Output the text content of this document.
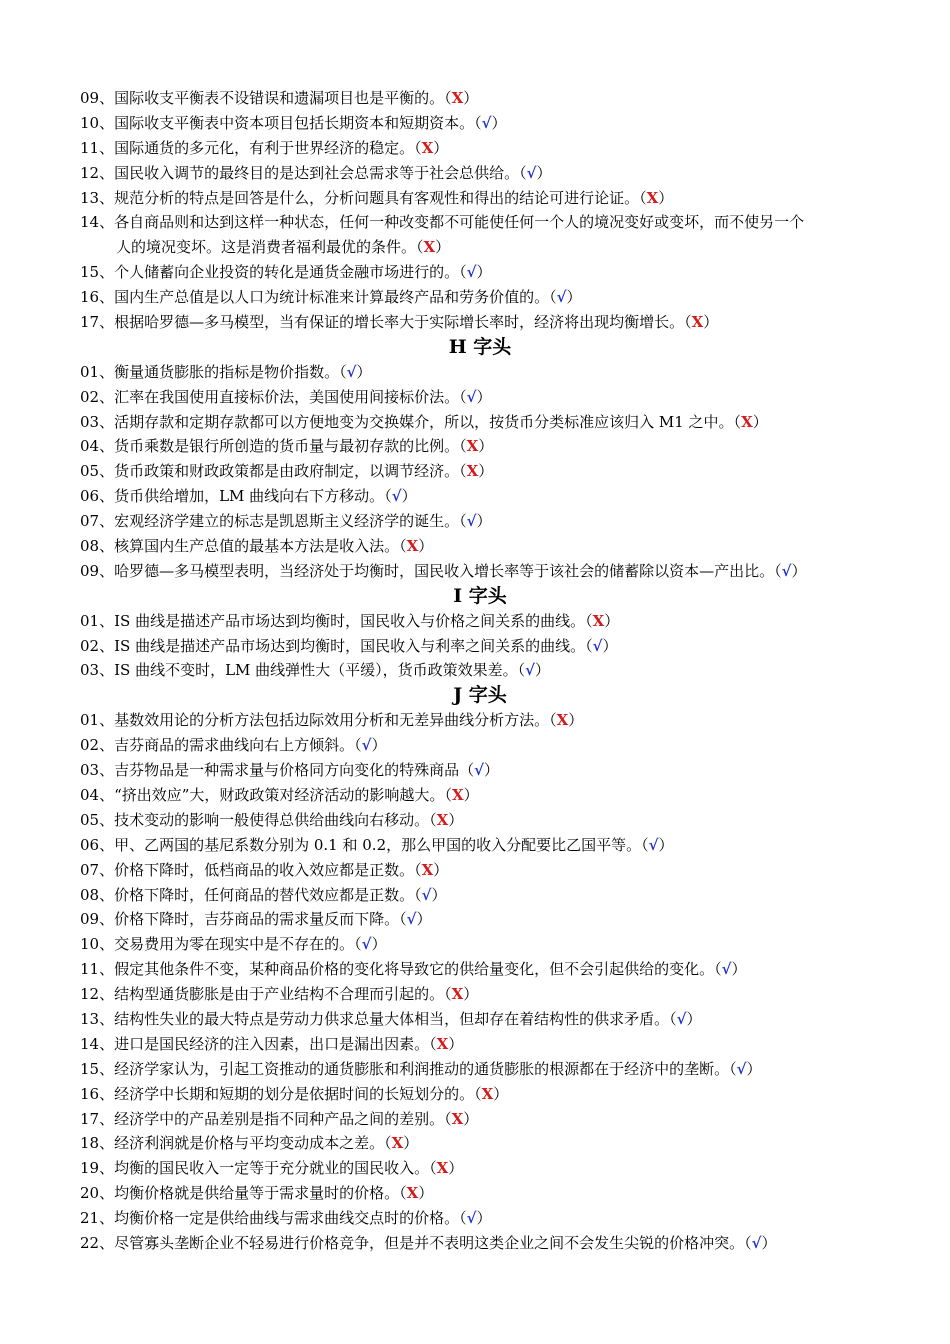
09、国际收支平衡表不设错误和遗漏项目也是平衡的。（X）
10、国际收支平衡表中资本项目包括长期资本和短期资本。（√）
11、国际通货的多元化，有利于世界经济的稳定。（X）
12、国民收入调节的最终目的是达到社会总需求等于社会总供给。（√）
13、规范分析的特点是回答是什么，分析问题具有客观性和得出的结论可进行论证。（X）
14、各自商品则和达到这样一种状态，任何一种改变都不可能使任何一个人的境况变好或变坏，而不使另一个
人的境况变坏。这是消费者福利最优的条件。（X）
15、个人储蓄向企业投资的转化是通货金融市场进行的。（√）
16、国内生产总值是以人口为统计标准来计算最终产品和劳务价值的。（√）
17、根据哈罗德—多马模型，当有保证的增长率大于实际增长率时，经济将出现均衡增长。（X）
H 字头
01、衡量通货膨胀的指标是物价指数。（√）
02、汇率在我国使用直接标价法，美国使用间接标价法。（√）
03、活期存款和定期存款都可以方便地变为交换媒介，所以，按货币分类标准应该归入 M1 之中。（X）
04、货币乘数是银行所创造的货币量与最初存款的比例。（X）
05、货币政策和财政政策都是由政府制定，以调节经济。（X）
06、货币供给增加，LM 曲线向右下方移动。（√）
07、宏观经济学建立的标志是凯恩斯主义经济学的诞生。（√）
08、核算国内生产总值的最基本方法是收入法。（X）
09、哈罗德—多马模型表明，当经济处于均衡时，国民收入增长率等于该社会的储蓄除以资本—产出比。（√）
I 字头
01、IS 曲线是描述产品市场达到均衡时，国民收入与价格之间关系的曲线。（X）
02、IS 曲线是描述产品市场达到均衡时，国民收入与利率之间关系的曲线。（√）
03、IS 曲线不变时，LM 曲线弹性大（平缓），货币政策效果差。（√）
J 字头
01、基数效用论的分析方法包括边际效用分析和无差异曲线分析方法。（X）
02、吉芬商品的需求曲线向右上方倾斜。（√）
03、吉芬物品是一种需求量与价格同方向变化的特殊商品（√）
04、“挤出效应”大，财政政策对经济活动的影响越大。（X）
05、技术变动的影响一般使得总供给曲线向右移动。（X）
06、甲、乙两国的基尼系数分别为 0.1 和 0.2，那么甲国的收入分配要比乙国平等。（√）
07、价格下降时，低档商品的收入效应都是正数。（X）
08、价格下降时，任何商品的替代效应都是正数。（√）
09、价格下降时，吉芬商品的需求量反而下降。（√）
10、交易费用为零在现实中是不存在的。（√）
11、假定其他条件不变，某种商品价格的变化将导致它的供给量变化，但不会引起供给的变化。（√）
12、结构型通货膨胀是由于产业结构不合理而引起的。（X）
13、结构性失业的最大特点是劳动力供求总量大体相当，但却存在着结构性的供求矛盾。（√）
14、进口是国民经济的注入因素，出口是漏出因素。（X）
15、经济学家认为，引起工资推动的通货膨胀和利润推动的通货膨胀的根源都在于经济中的垄断。（√）
16、经济学中长期和短期的划分是依据时间的长短划分的。（X）
17、经济学中的产品差别是指不同种产品之间的差别。（X）
18、经济利润就是价格与平均变动成本之差。（X）
19、均衡的国民收入一定等于充分就业的国民收入。（X）
20、均衡价格就是供给量等于需求量时的价格。（X）
21、均衡价格一定是供给曲线与需求曲线交点时的价格。（√）
22、尽管寡头垄断企业不轻易进行价格竞争，但是并不表明这类企业之间不会发生尖锐的价格冲突。（√）
